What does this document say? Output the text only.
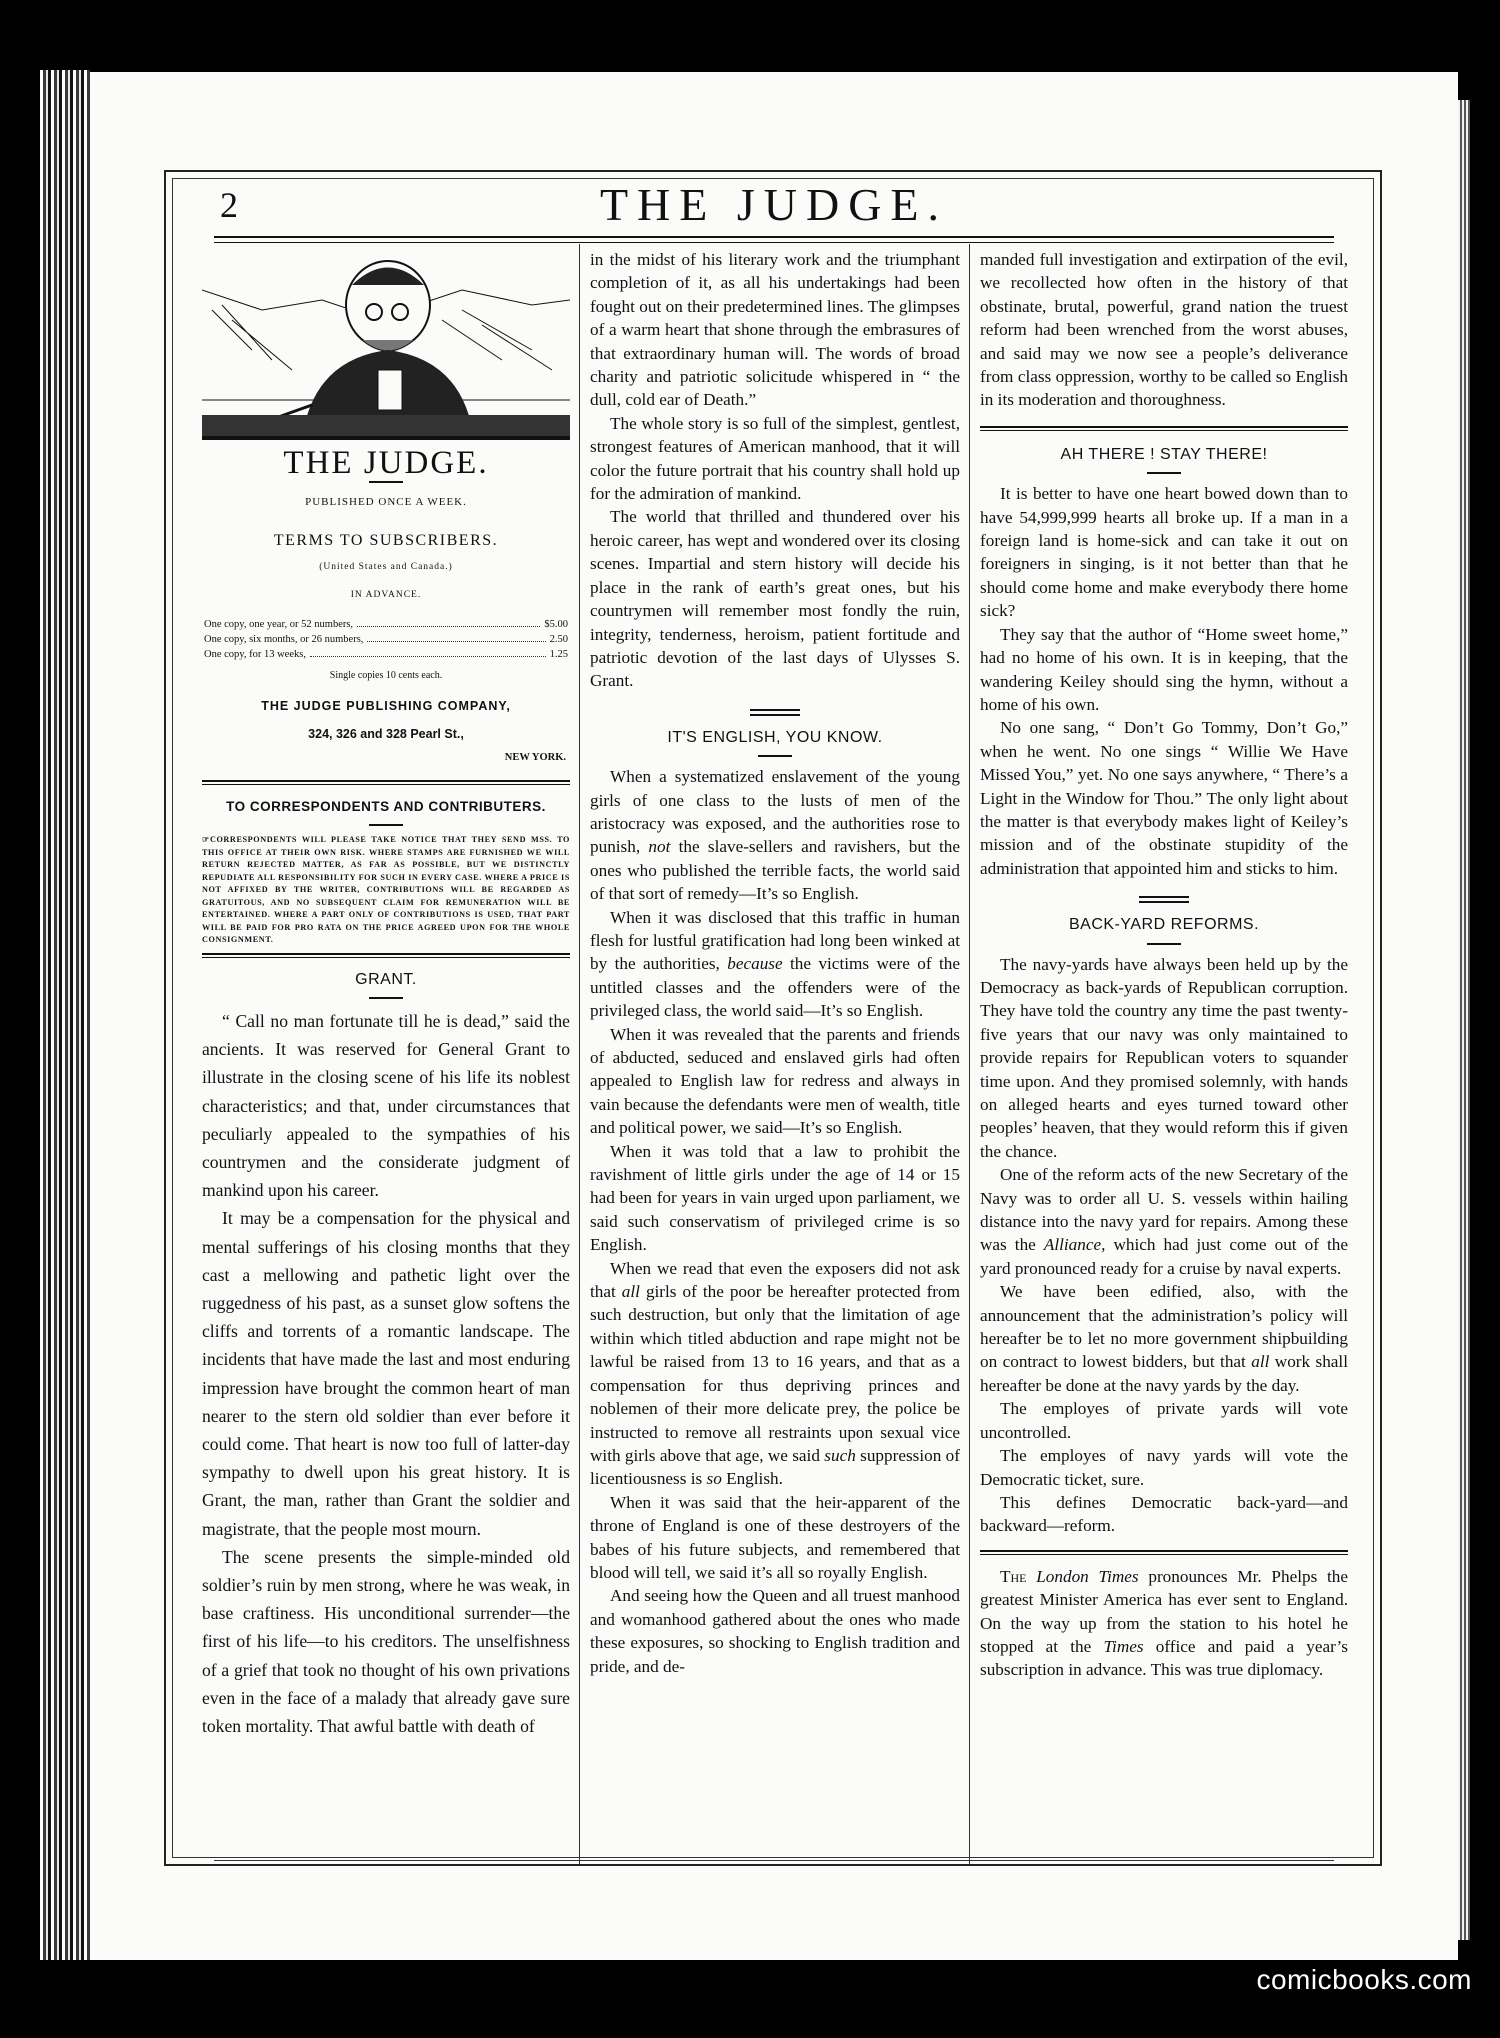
2	THE JUDGE.
THE JUDGE.
PUBLISHED ONCE A WEEK.
TERMS TO SUBSCRIBERS.
(United States and Canada.)
IN ADVANCE.
One copy, one year, or 52 numbers,	$5.00
One copy, six months, or 26 numbers,	2.50
One copy, for 13 weeks,	1.25
Single copies 10 cents each.
THE JUDGE PUBLISHING COMPANY,
324, 326 and 328 Pearl St.,
NEW YORK.
TO CORRESPONDENTS AND CONTRIBUTERS.
☞CORRESPONDENTS WILL PLEASE TAKE NOTICE THAT THEY SEND MSS. TO THIS OFFICE AT THEIR OWN RISK. WHERE STAMPS ARE FURNISHED WE WILL RETURN REJECTED MATTER, AS FAR AS POSSIBLE, BUT WE DISTINCTLY REPUDIATE ALL RESPONSIBILITY FOR SUCH IN EVERY CASE. WHERE A PRICE IS NOT AFFIXED BY THE WRITER, CONTRIBUTIONS WILL BE REGARDED AS GRATUITOUS, AND NO SUBSEQUENT CLAIM FOR REMUNERATION WILL BE ENTERTAINED. WHERE A PART ONLY OF CONTRIBUTIONS IS USED, THAT PART WILL BE PAID FOR PRO RATA ON THE PRICE AGREED UPON FOR THE WHOLE CONSIGNMENT.
GRANT.

“ Call no man fortunate till he is dead,” said the ancients. It was reserved for General Grant to illustrate in the closing scene of his life its noblest characteristics; and that, under circumstances that peculiarly appealed to the sympathies of his countrymen and the considerate judgment of mankind upon his career.

It may be a compensation for the physical and mental sufferings of his closing months that they cast a mellowing and pathetic light over the ruggedness of his past, as a sunset glow softens the cliffs and torrents of a romantic landscape. The incidents that have made the last and most enduring impression have brought the common heart of man nearer to the stern old soldier than ever before it could come. That heart is now too full of latter-day sympathy to dwell upon his great history. It is Grant, the man, rather than Grant the soldier and magistrate, that the people most mourn.

The scene presents the simple-minded old soldier’s ruin by men strong, where he was weak, in base craftiness. His unconditional surrender—the first of his life—to his creditors. The unselfishness of a grief that took no thought of his own privations even in the face of a malady that already gave sure token mortality. That awful battle with death of

in the midst of his literary work and the triumphant completion of it, as all his undertakings had been fought out on their predetermined lines. The glimpses of a warm heart that shone through the embrasures of that extraordinary human will. The words of broad charity and patriotic solicitude whispered in “ the dull, cold ear of Death.”

The whole story is so full of the simplest, gentlest, strongest features of American manhood, that it will color the future portrait that his country shall hold up for the admiration of mankind.

The world that thrilled and thundered over his heroic career, has wept and wondered over its closing scenes. Impartial and stern history will decide his place in the rank of earth’s great ones, but his countrymen will remember most fondly the ruin, integrity, tenderness, heroism, patient fortitude and patriotic devotion of the last days of Ulysses S. Grant.

IT'S ENGLISH, YOU KNOW.

When a systematized enslavement of the young girls of one class to the lusts of men of the aristocracy was exposed, and the authorities rose to punish, not the slave-sellers and ravishers, but the ones who published the terrible facts, the world said of that sort of remedy—It’s so English.

When it was disclosed that this traffic in human flesh for lustful gratification had long been winked at by the authorities, because the victims were of the untitled classes and the offenders were of the privileged class, the world said—It’s so English.

When it was revealed that the parents and friends of abducted, seduced and enslaved girls had often appealed to English law for redress and always in vain because the defendants were men of wealth, title and political power, we said—It’s so English.

When it was told that a law to prohibit the ravishment of little girls under the age of 14 or 15 had been for years in vain urged upon parliament, we said such conservatism of privileged crime is so English.

When we read that even the exposers did not ask that all girls of the poor be hereafter protected from such destruction, but only that the limitation of age within which titled abduction and rape might not be lawful be raised from 13 to 16 years, and that as a compensation for thus depriving princes and noblemen of their more delicate prey, the police be instructed to remove all restraints upon sexual vice with girls above that age, we said such suppression of licentiousness is so English.

When it was said that the heir-apparent of the throne of England is one of these destroyers of the babes of his future subjects, and remembered that blood will tell, we said it’s all so royally English.

And seeing how the Queen and all truest manhood and womanhood gathered about the ones who made these exposures, so shocking to English tradition and pride, and de-

manded full investigation and extirpation of the evil, we recollected how often in the history of that obstinate, brutal, powerful, grand nation the truest reform had been wrenched from the worst abuses, and said may we now see a people’s deliverance from class oppression, worthy to be called so English in its moderation and thoroughness.

AH THERE ! STAY THERE!

It is better to have one heart bowed down than to have 54,999,999 hearts all broke up. If a man in a foreign land is home-sick and can take it out on foreigners in singing, is it not better than that he should come home and make everybody there home sick?

They say that the author of “Home sweet home,” had no home of his own. It is in keeping, that the wandering Keiley should sing the hymn, without a home of his own.

No one sang, “ Don’t Go Tommy, Don’t Go,” when he went. No one sings “ Willie We Have Missed You,” yet. No one says anywhere, “ There’s a Light in the Window for Thou.” The only light about the matter is that everybody makes light of Keiley’s mission and of the obstinate stupidity of the administration that appointed him and sticks to him.

BACK-YARD REFORMS.

The navy-yards have always been held up by the Democracy as back-yards of Republican corruption. They have told the country any time the past twenty-five years that our navy was only maintained to provide repairs for Republican voters to squander time upon. And they promised solemnly, with hands on alleged hearts and eyes turned toward other peoples’ heaven, that they would reform this if given the chance.

One of the reform acts of the new Secretary of the Navy was to order all U. S. vessels within hailing distance into the navy yard for repairs. Among these was the Alliance, which had just come out of the yard pronounced ready for a cruise by naval experts.

We have been edified, also, with the announcement that the administration’s policy will hereafter be to let no more government shipbuilding on contract to lowest bidders, but that all work shall hereafter be done at the navy yards by the day.

The employes of private yards will vote uncontrolled.

The employes of navy yards will vote the Democratic ticket, sure.

This defines Democratic back-yard—and backward—reform.

The London Times pronounces Mr. Phelps the greatest Minister America has ever sent to England. On the way up from the station to his hotel he stopped at the Times office and paid a year’s subscription in advance. This was true diplomacy.

comicbooks.com
